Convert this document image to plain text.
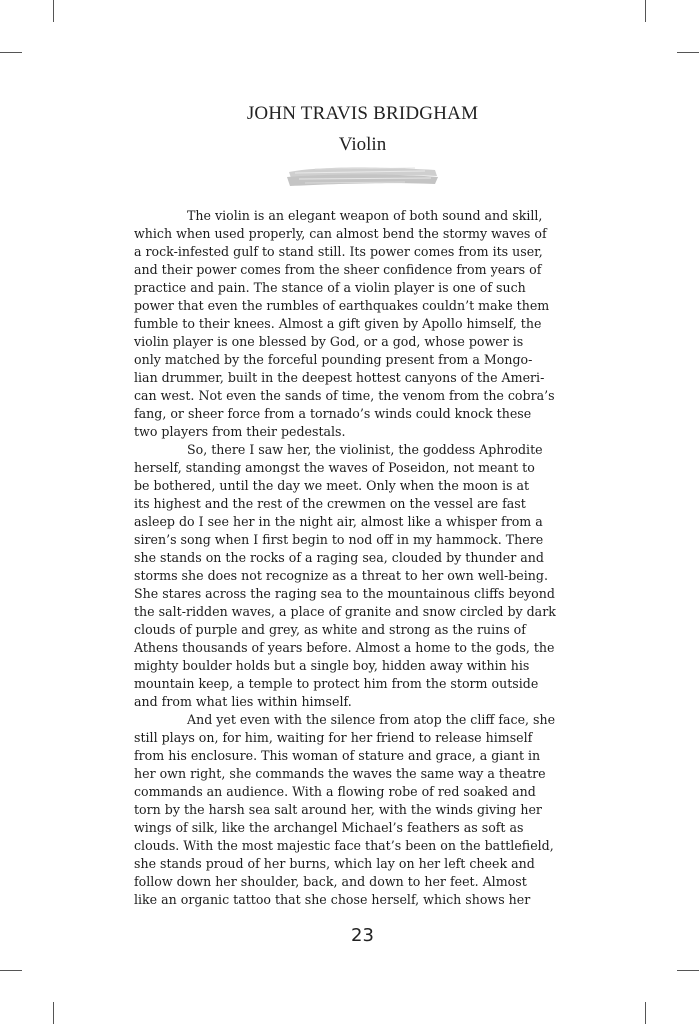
JOHN TRAVIS BRIDGHAM
Violin

The violin is an elegant weapon of both sound and skill,
which when used properly, can almost bend the stormy waves of
a rock-infested gulf to stand still. Its power comes from its user,
and their power comes from the sheer confidence from years of
practice and pain. The stance of a violin player is one of such
power that even the rumbles of earthquakes couldn’t make them
fumble to their knees. Almost a gift given by Apollo himself, the
violin player is one blessed by God, or a god, whose power is
only matched by the forceful pounding present from a Mongo-
lian drummer, built in the deepest hottest canyons of the Ameri-
can west. Not even the sands of time, the venom from the cobra’s
fang, or sheer force from a tornado’s winds could knock these
two players from their pedestals.

So, there I saw her, the violinist, the goddess Aphrodite
herself, standing amongst the waves of Poseidon, not meant to
be bothered, until the day we meet. Only when the moon is at
its highest and the rest of the crewmen on the vessel are fast
asleep do I see her in the night air, almost like a whisper from a
siren’s song when I first begin to nod off in my hammock. There
she stands on the rocks of a raging sea, clouded by thunder and
storms she does not recognize as a threat to her own well-being.
She stares across the raging sea to the mountainous cliffs beyond
the salt-ridden waves, a place of granite and snow circled by dark
clouds of purple and grey, as white and strong as the ruins of
Athens thousands of years before. Almost a home to the gods, the
mighty boulder holds but a single boy, hidden away within his
mountain keep, a temple to protect him from the storm outside
and from what lies within himself.

And yet even with the silence from atop the cliff face, she
still plays on, for him, waiting for her friend to release himself
from his enclosure. This woman of stature and grace, a giant in
her own right, she commands the waves the same way a theatre
commands an audience. With a flowing robe of red soaked and
torn by the harsh sea salt around her, with the winds giving her
wings of silk, like the archangel Michael’s feathers as soft as
clouds. With the most majestic face that’s been on the battlefield,
she stands proud of her burns, which lay on her left cheek and
follow down her shoulder, back, and down to her feet. Almost
like an organic tattoo that she chose herself, which shows her

23
